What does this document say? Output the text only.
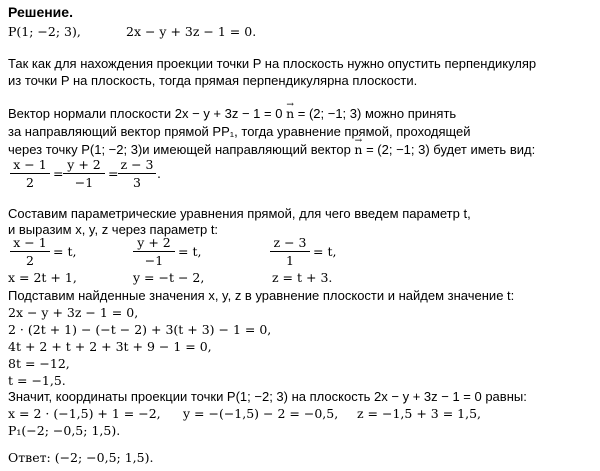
Решение.
P(1; −2; 3),	2x − y + 3z − 1 = 0.
Так как для нахождения проекции точки P на плоскость нужно опустить перпендикуляр
из точки P на плоскость, тогда прямая перпендикулярна плоскости.
Вектор нормали плоскости 2x − y + 3z − 1 = 0 → n = (2; −1; 3) можно принять
за направляющий вектор прямой PP₁, тогда уравнение прямой, проходящей
через точку P(1; −2; 3)и имеющей направляющий вектор → n = (2; −1; 3) будет иметь вид:
x − 1
2
=
y + 2
−1
=
z − 3
3
.
Составим параметрические уравнения прямой, для чего введем параметр t,
и выразим x, y, z через параметр t:
x − 1
2
= t,
y + 2
−1
= t,
z − 3
1
= t,
x = 2t + 1,	y = −t − 2,	z = t + 3.
Подставим найденные значения x, y, z в уравнение плоскости и найдем значение t:
2x − y + 3z − 1 = 0,
2 · (2t + 1) − (−t − 2) + 3(t + 3) − 1 = 0,
4t + 2 + t + 2 + 3t + 9 − 1 = 0,
8t = −12,
t = −1,5.
Значит, координаты проекции точки P(1; −2; 3) на плоскость 2x − y + 3z − 1 = 0 равны:
x = 2 · (−1,5) + 1 = −2, y = −(−1,5) − 2 = −0,5, z = −1,5 + 3 = 1,5,
P₁(−2; −0,5; 1,5).
Ответ: (−2; −0,5; 1,5).
